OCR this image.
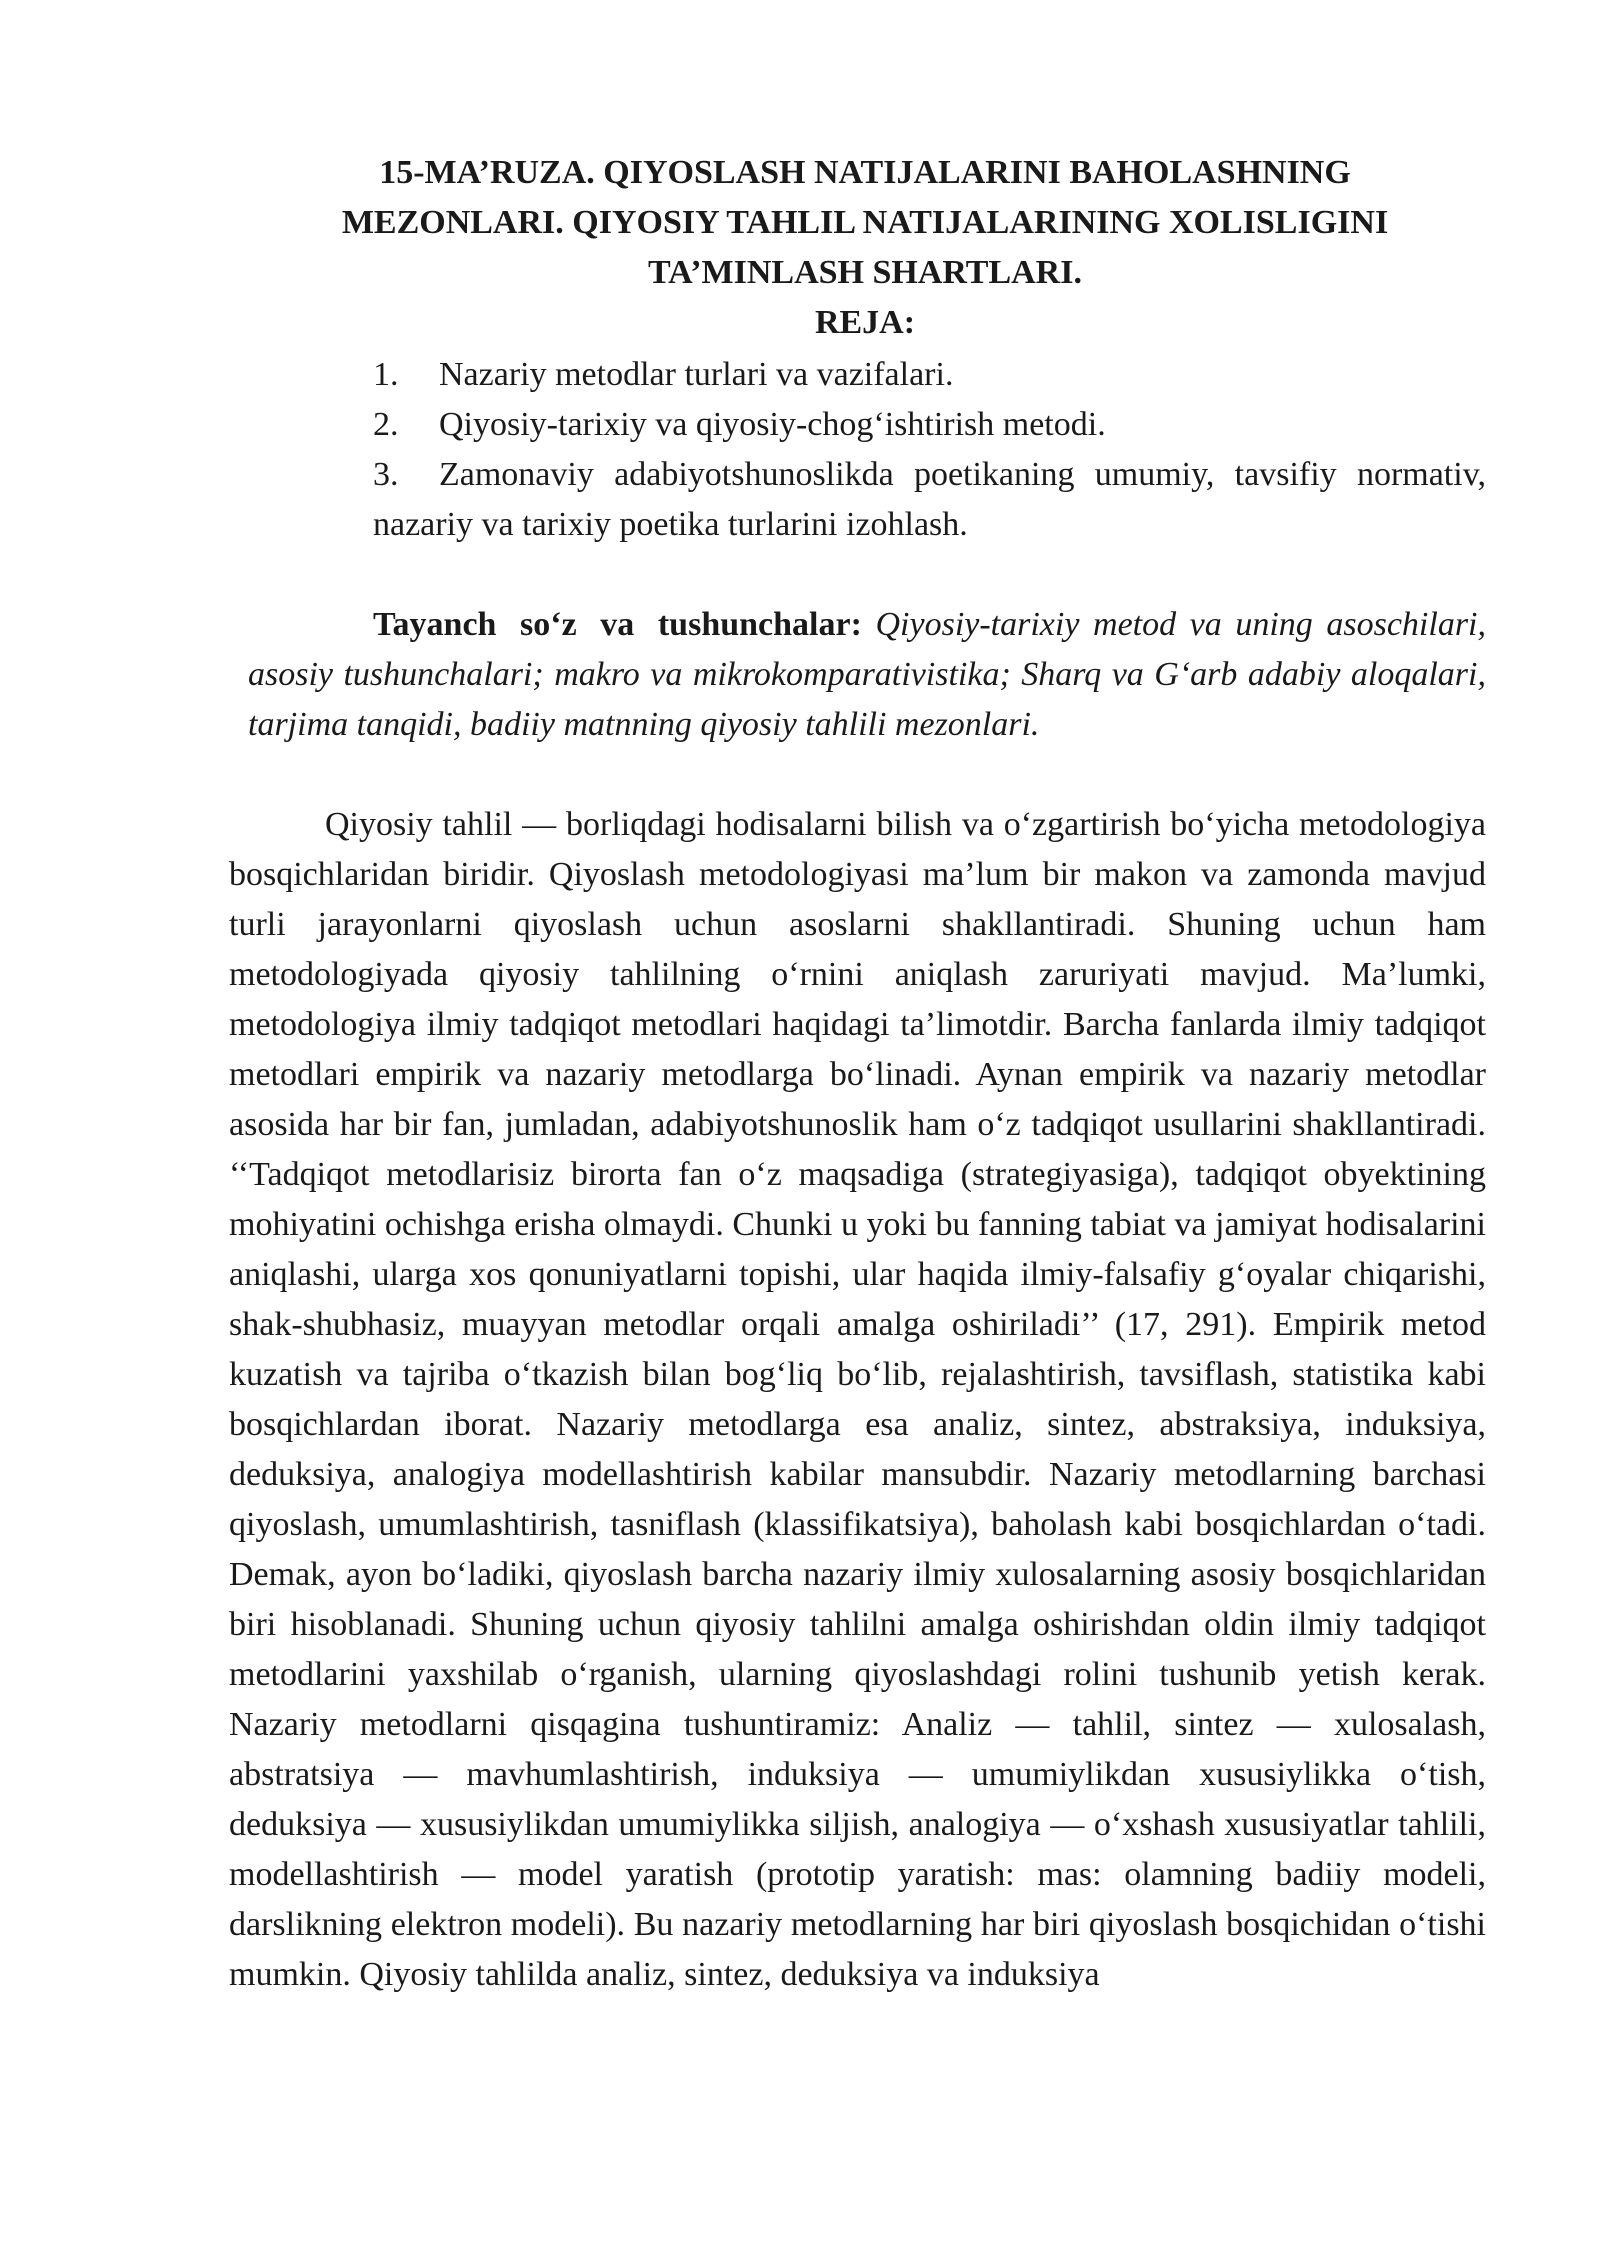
15-MA’RUZA. QIYOSLASH NATIJALARINI BAHOLASHNING
MEZONLARI. QIYOSIY TAHLIL NATIJALARINING XOLISLIGINI
TA’MINLASH SHARTLARI.
REJA:
1.	Nazariy metodlar turlari va vazifalari.
2.	Qiyosiy-tarixiy va qiyosiy-chog‘ishtirish metodi.
3. Zamonaviy adabiyotshunoslikda poetikaning umumiy, tavsifiy normativ, nazariy va tarixiy poetika turlarini izohlash.
Tayanch so‘z va tushunchalar: Qiyosiy-tarixiy metod va uning asoschilari, asosiy tushunchalari; makro va mikrokomparativistika; Sharq va G‘arb adabiy aloqalari, tarjima tanqidi, badiiy matnning qiyosiy tahlili mezonlari.

Qiyosiy tahlil — borliqdagi hodisalarni bilish va o‘zgartirish bo‘yicha metodologiya bosqichlaridan biridir. Qiyoslash metodologiyasi ma’lum bir makon va zamonda mavjud turli jarayonlarni qiyoslash uchun asoslarni shakllantiradi. Shuning uchun ham metodologiyada qiyosiy tahlilning o‘rnini aniqlash zaruriyati mavjud. Ma’lumki, metodologiya ilmiy tadqiqot metodlari haqidagi ta’limotdir. Barcha fanlarda ilmiy tadqiqot metodlari empirik va nazariy metodlarga bo‘linadi. Aynan empirik va nazariy metodlar asosida har bir fan, jumladan, adabiyotshunoslik ham o‘z tadqiqot usullarini shakllantiradi. ‘‘Tadqiqot metodlarisiz birorta fan o‘z maqsadiga (strategiyasiga), tadqiqot obyektining mohiyatini ochishga erisha olmaydi. Chunki u yoki bu fanning tabiat va jamiyat hodisalarini aniqlashi, ularga xos qonuniyatlarni topishi, ular haqida ilmiy-falsafiy g‘oyalar chiqarishi, shak-shubhasiz, muayyan metodlar orqali amalga oshiriladi’’ (17, 291). Empirik metod kuzatish va tajriba o‘tkazish bilan bog‘liq bo‘lib, rejalashtirish, tavsiflash, statistika kabi bosqichlardan iborat. Nazariy metodlarga esa analiz, sintez, abstraksiya, induksiya, deduksiya, analogiya modellashtirish kabilar mansubdir. Nazariy metodlarning barchasi qiyoslash, umumlashtirish, tasniflash (klassifikatsiya), baholash kabi bosqichlardan o‘tadi. Demak, ayon bo‘ladiki, qiyoslash barcha nazariy ilmiy xulosalarning asosiy bosqichlaridan biri hisoblanadi. Shuning uchun qiyosiy tahlilni amalga oshirishdan oldin ilmiy tadqiqot metodlarini yaxshilab o‘rganish, ularning qiyoslashdagi rolini tushunib yetish kerak. Nazariy metodlarni qisqagina tushuntiramiz: Analiz — tahlil, sintez — xulosalash, abstratsiya — mavhumlashtirish, induksiya — umumiylikdan xususiylikka o‘tish, deduksiya — xususiylikdan umumiylikka siljish, analogiya — o‘xshash xususiyatlar tahlili, modellashtirish — model yaratish (prototip yaratish: mas: olamning badiiy modeli, darslikning elektron modeli). Bu nazariy metodlarning har biri qiyoslash bosqichidan o‘tishi mumkin. Qiyosiy tahlilda analiz, sintez, deduksiya va induksiya
